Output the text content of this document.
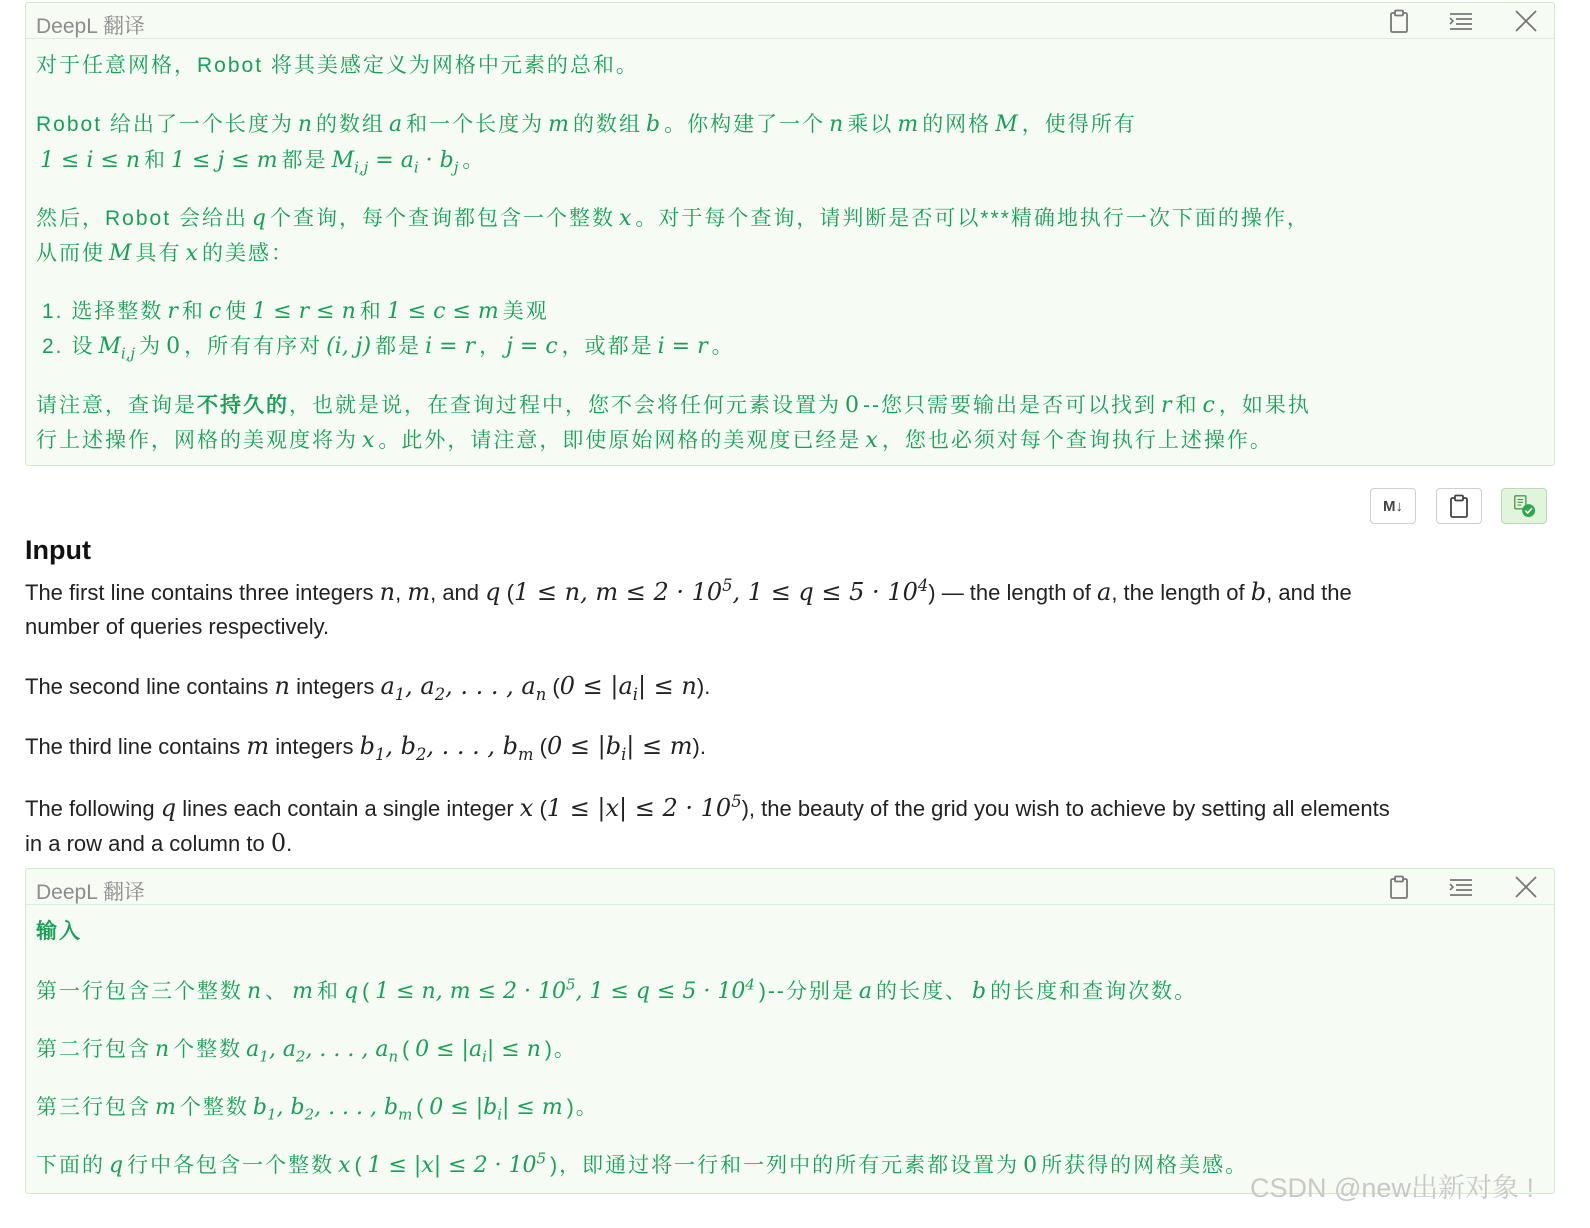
DeepL 翻译
对于任意网格，Robot 将其美感定义为网格中元素的总和。
Robot 给出了一个长度为 n 的数组 a 和一个长度为 m 的数组 b 。你构建了一个 n 乘以 m 的网格 M ，使得所有
1 ≤ i ≤ n 和 1 ≤ j ≤ m 都是 $M_{i,j} = a_i \cdot b_j$ 。
然后，Robot 会给出 q 个查询，每个查询都包含一个整数 x 。对于每个查询，请判断是否可以***精确地执行一次下面的操作，
从而使 M 具有 x 的美感：
1. 选择整数 r 和 c 使 1 ≤ r ≤ n 和 1 ≤ c ≤ m 美观
2. 设 $M_{i,j}$ 为 0 ，所有有序对 (i, j) 都是 i = r ， j = c ，或都是 i = r 。
请注意，查询是不持久的，也就是说，在查询过程中，您不会将任何元素设置为 0 --您只需要输出是否可以找到 r 和 c ，如果执
行上述操作，网格的美观度将为 x 。此外，请注意，即使原始网格的美观度已经是 x ，您也必须对每个查询执行上述操作。
M↓
Input
The first line contains three integers n, m, and q (1 ≤ n, $m \le 2 \cdot 10^5$, $1 \le q \le 5 \cdot 10^4$) — the length of a, the length of b, and the
number of queries respectively.
The second line contains n integers $a_1$, $a_2$, . . . , $a_n$ $(0 \le |a_i| \le n)$.
The third line contains m integers $b_1$, $b_2$, . . . , $b_m$ $(0 \le |b_i| \le m)$.
The following q lines each contain a single integer x $(1 \le |x| \le 2 \cdot 10^5)$, the beauty of the grid you wish to achieve by setting all elements
in a row and a column to 0.
DeepL 翻译
输入
第一行包含三个整数 n 、 m 和 q ( 1 ≤ n, $m \le 2 \cdot 10^5$, $1 \le q \le 5 \cdot 10^4$ )--分别是 a 的长度、 b 的长度和查询次数。
第二行包含 n 个整数 $a_1$, $a_2$, . . . , $a_n$ ( $0 \le |a_i| \le n$ )。
第三行包含 m 个整数 $b_1$, $b_2$, . . . , $b_m$ ( $0 \le |b_i| \le m$ )。
下面的 q 行中各包含一个整数 x ( $1 \le |x| \le 2 \cdot 10^5$ )，即通过将一行和一列中的所有元素都设置为 0 所获得的网格美感。
CSDN @new出新对象 !
